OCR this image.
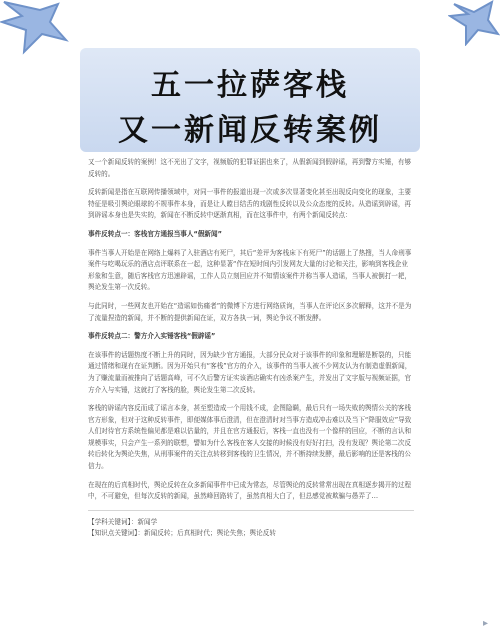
五一拉萨客栈
又一新闻反转案例

又一个新闻反转的案例！这不光出了文字，视频版的犯罪证据也来了，从假新闻到假辟谣，再到警方实锤，有够反转的。

反转新闻是指在互联网传播领域中，对同一事件的报道出现一次或多次显著变化甚至出现反向变化的现象，主要特征是吸引舆论眼球的不规事件本身，而是让人瞠目结舌的戏剧性反转以及公众态度的反转。从造谣到辟谣，再到辟谣本身也是失实的，新闻在不断反转中逐渐真相，而在这事件中，有两个新闻反转点：

事件反转点一：客栈官方通报当事人“假新闻”

事件当事人开始是在网络上爆料了入驻酒店有死尸，其后“差评为客栈床下有死尸”的话题上了热搜，当人命刑事案件与吃喝玩乐的酒店点评联系在一起，这种显著“作在短时间内引发网友大量的讨论和关注，影响到客栈企业形象和生意，随后客栈官方迅速辟谣，工作人员立刻回应并不知情该案件并称当事人造谣，当事人被倒打一耙，舆论发生第一次反转。

与此同时，一些网友也开始在“造谣如伤痛者”的微博下方进行网络质询，当事人在评论区多次解释，这并不是为了流量捏造的新闻，并不断的提供新闻在证，双方各执一词，舆论争议不断发酵。

事件反转点二：警方介入实锤客栈“假辟谣”

在该事件的话题热度不断上升的同时，因为缺少官方通报，大部分民众对于该事件的印象和理解是断裂的，只能通过情绪和现有在证判断。因为开始只有“客栈”官方的介入，该事件的当事人被不少网友认为有制造虚假新闻，为了赚流量而被推向了话题高峰，可不久后警方证实该酒店确实有凶杀案产生，并发出了文字版与视频证据，官方介入与实锤，这就打了客栈的脸，舆论发生第二次反转。

客栈的辟谣内容反而成了谣言本身，甚至塑造成一个用钱不成，企图隐瞒，最后只有一场失败的舆情公关的客栈官方形象，但对于这种反转事件，即便媒体事后澄清，但在澄清时对当事方造成冲击难以及当下“降服效应”导致人们对待官方系统性偏见都是难以估量的，并且在官方通报后，客栈一直也没有一个像样的回应，不断的言认和规模事实，只会产生一系列的联想，譬如为什么客栈在客人交接的时候没有好好打扫，没有发现？舆论第二次反转后转化为舆论失焦，从刑事案件的关注点转移到客栈的卫生情况，并不断持续发酵，最后影响的还是客栈的公信力。

在现在的后真相时代，舆论反转在众多新闻事件中已成为常态，尽管舆论的反转常常出现在真相逐步揭开的过程中，不可避免，但每次反转的新闻，虽然峰回路转了，虽然真相大白了，但总感觉被欺骗与愚弄了…

【学科关键词】：新闻学

【知识点关键词】：新闻反转；后真相时代；舆论失焦；舆论反转

▸
